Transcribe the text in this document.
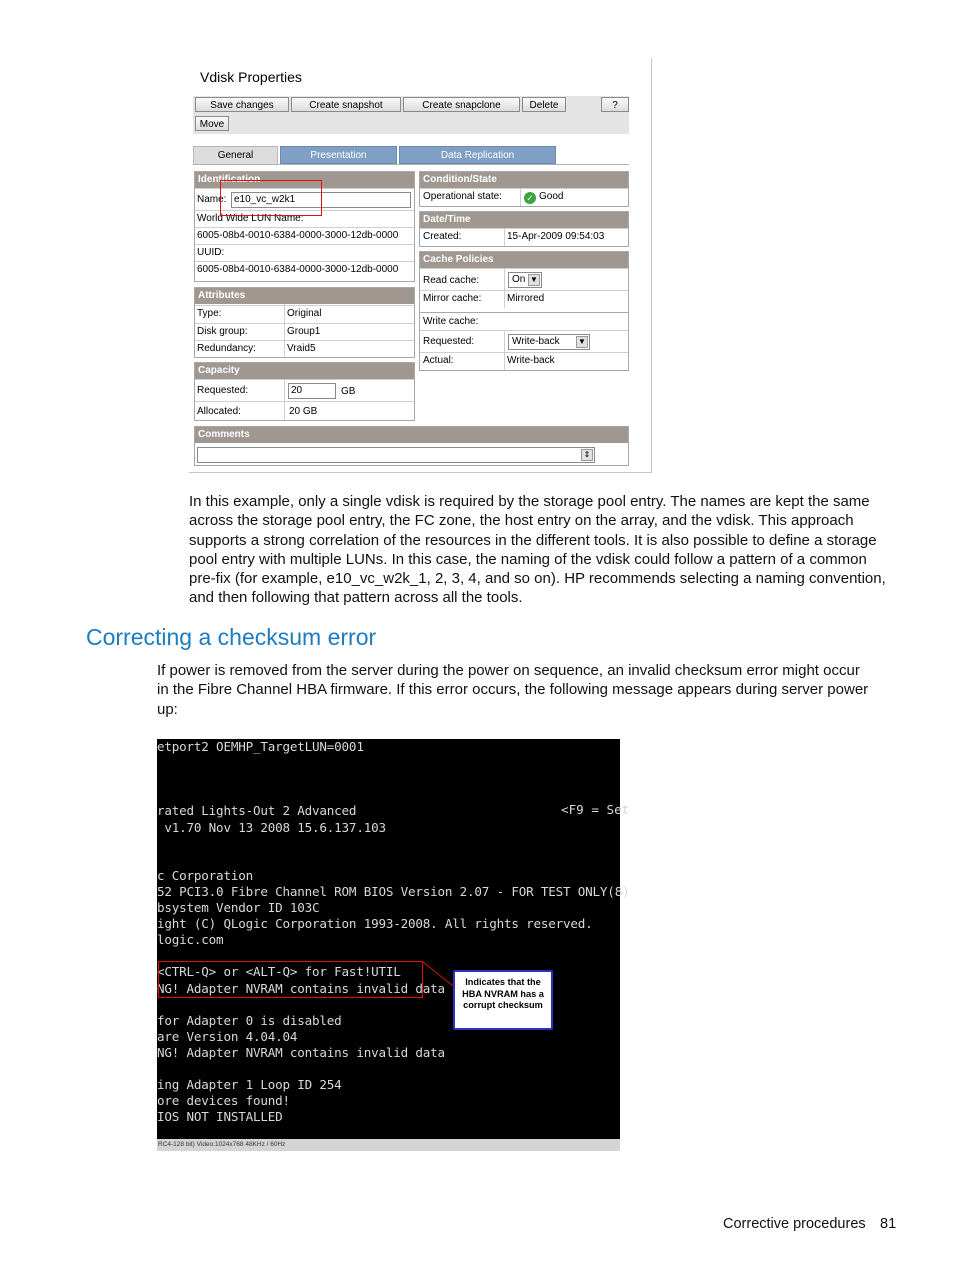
Vdisk Properties
Save changes	Create snapshot	Create snapclone	Delete	?
Move
General	Presentation	Data Replication
Identification
Name: e10_vc_w2k1
World Wide LUN Name:
6005-08b4-0010-6384-0000-3000-12db-0000
UUID:
6005-08b4-0010-6384-0000-3000-12db-0000
Attributes
Type:	Original
Disk group:	Group1
Redundancy:	Vraid5
Capacity
Requested:	20	GB
Allocated:	20 GB
Comments
⇕
Condition/State
Operational state:	✓ Good
Date/Time
Created:	15-Apr-2009 09:54:03
Cache Policies
Read cache:	On ▼
Mirror cache:	Mirrored
Write cache:
Requested:	Write-back ▼
Actual:	Write-back
In this example, only a single vdisk is required by the storage pool entry. The names are kept the same
across the storage pool entry, the FC zone, the host entry on the array, and the vdisk. This approach
supports a strong correlation of the resources in the different tools. It is also possible to define a storage
pool entry with multiple LUNs. In this case, the naming of the vdisk could follow a pattern of a common
pre-fix (for example, e10_vc_w2k_1, 2, 3, 4, and so on). HP recommends selecting a naming convention,
and then following that pattern across all the tools.
Correcting a checksum error
If power is removed from the server during the power on sequence, an invalid checksum error might occur
in the Fibre Channel HBA firmware. If this error occurs, the following message appears during server power
up:
etport2 OEMHP_TargetLUN=0001
rated Lights-Out 2 Advanced
v1.70 Nov 13 2008 15.6.137.103
c Corporation
52 PCI3.0 Fibre Channel ROM BIOS Version 2.07 - FOR TEST ONLY(8)
bsystem Vendor ID 103C
ight (C) QLogic Corporation 1993-2008. All rights reserved.
logic.com
<CTRL-Q> or <ALT-Q> for Fast!UTIL
NG! Adapter NVRAM contains invalid data
for Adapter 0 is disabled
are Version 4.04.04
NG! Adapter NVRAM contains invalid data
ing Adapter 1 Loop ID 254
ore devices found!
IOS NOT INSTALLED
<F9 = Set
Indicates that the
HBA NVRAM has a
corrupt checksum
RC4-128 bit) Video:1024x768 48KHz / 60Hz
Corrective procedures 81
